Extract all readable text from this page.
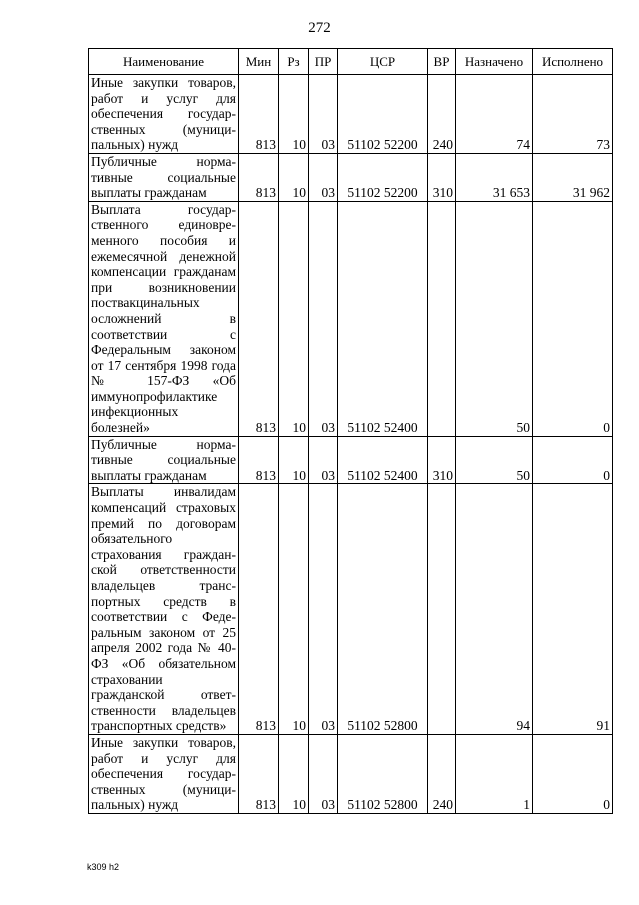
272
Наименование	Мин	Рз	ПР	ЦСР	ВР	Назначено	Исполнено
Иные закупки товаров, работ и услуг для обеспечения государственных (муниципальных) нужд	813	10	03	51102 52200	240	74	73
Публичные нормативные социальные выплаты гражданам	813	10	03	51102 52200	310	31 653	31 962
Выплата государственного единовременного пособия и ежемесячной денежной компенсации гражданам при возникновении поствакцинальных осложнений в соответствии с Федеральным законом от 17 сентября 1998 года № 157-ФЗ «Об иммунопрофилактике инфекционных болезней»	813	10	03	51102 52400		50	0
Публичные нормативные социальные выплаты гражданам	813	10	03	51102 52400	310	50	0
Выплаты инвалидам компенсаций страховых премий по договорам обязательного страхования гражданской ответственности владельцев транспортных средств в соответствии с Федеральным законом от 25 апреля 2002 года № 40-ФЗ «Об обязательном страховании гражданской ответственности владельцев транспортных средств»	813	10	03	51102 52800		94	91
Иные закупки товаров, работ и услуг для обеспечения государственных (муниципальных) нужд	813	10	03	51102 52800	240	1	0
k309 h2
